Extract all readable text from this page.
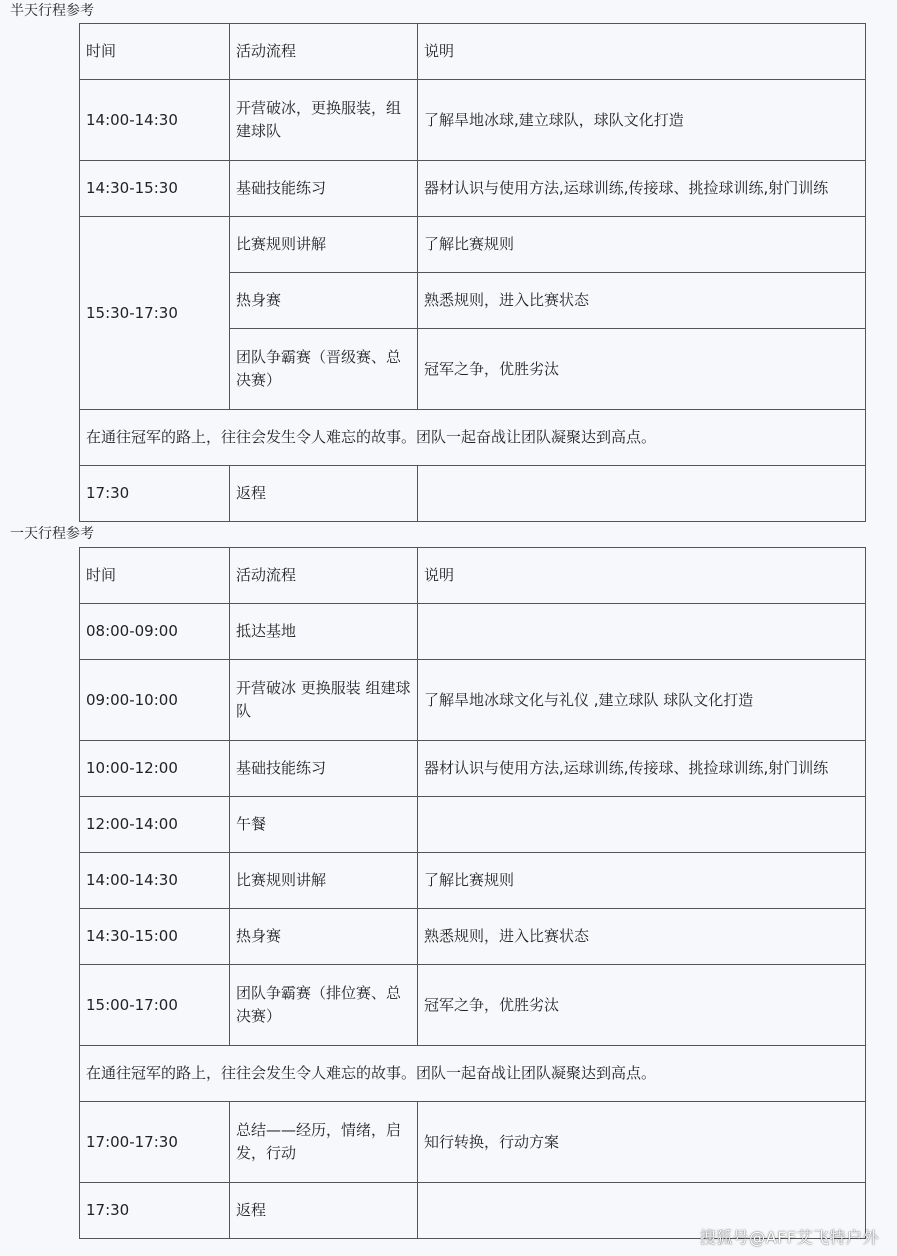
半天行程参考
时间	活动流程	说明
14:00-14:30	开营破冰，更换服装，组建球队	了解旱地冰球,建立球队，球队文化打造
14:30-15:30	基础技能练习	器材认识与使用方法,运球训练,传接球、挑捡球训练,射门训练
15:30-17:30	比赛规则讲解	了解比赛规则
	热身赛	熟悉规则，进入比赛状态
	团队争霸赛（晋级赛、总决赛）	冠军之争，优胜劣汰
在通往冠军的路上，往往会发生令人难忘的故事。团队一起奋战让团队凝聚达到高点。		
17:30	返程	
一天行程参考
时间	活动流程	说明
08:00-09:00	抵达基地	
09:00-10:00	开营破冰 更换服装 组建球队	了解旱地冰球文化与礼仪 ,建立球队 球队文化打造
10:00-12:00	基础技能练习	器材认识与使用方法,运球训练,传接球、挑捡球训练,射门训练
12:00-14:00	午餐	
14:00-14:30	比赛规则讲解	了解比赛规则
14:30-15:00	热身赛	熟悉规则，进入比赛状态
15:00-17:00	团队争霸赛（排位赛、总决赛）	冠军之争，优胜劣汰
在通往冠军的路上，往往会发生令人难忘的故事。团队一起奋战让团队凝聚达到高点。		
17:00-17:30	总结——经历，情绪，启发，行动	知行转换，行动方案
17:30	返程	
搜狐号@AFF艾飞特户外
